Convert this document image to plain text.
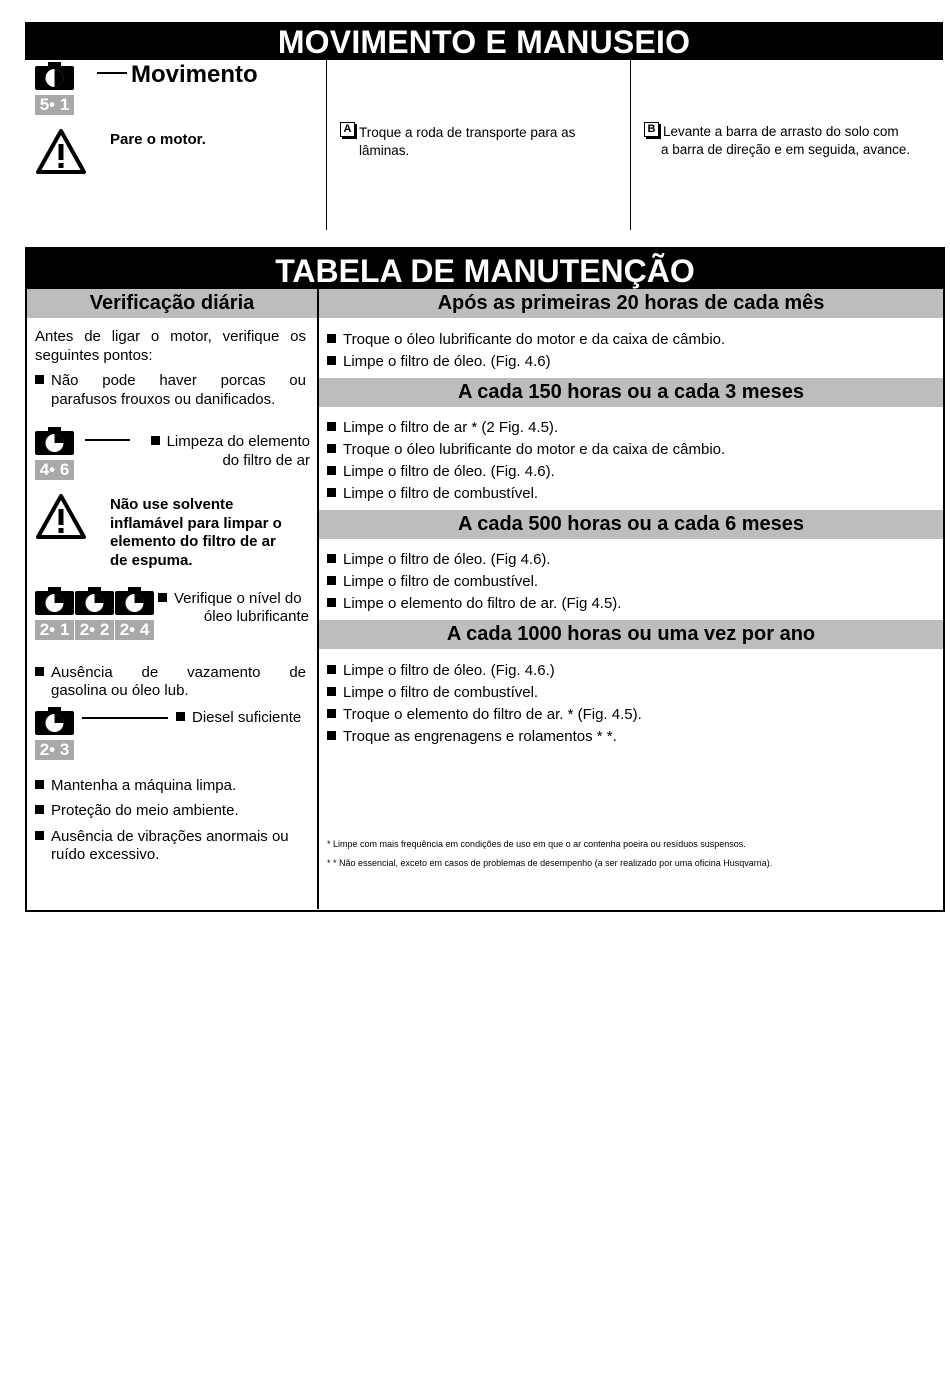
MOVIMENTO E MANUSEIO
5• 1
Movimento
Pare o motor.
A Troque a roda de transporte para as
lâminas.
B Levante a barra de arrasto do solo com
a barra de direção e em seguida, avance.
TABELA DE MANUTENÇÃO
Verificação diária
Antes de ligar o motor, verifique os
seguintes pontos:
Não pode haver porcas ou
parafusos frouxos ou danificados.
4• 6
Limpeza do elemento
do filtro de ar
Não use solvente
inflamável para limpar o
elemento do filtro de ar
de espuma.
2• 1 2• 2 2• 4
Verifique o nível do
óleo lubrificante
Ausência de vazamento de
gasolina ou óleo lub.
2• 3
Diesel suficiente
Mantenha a máquina limpa.
Proteção do meio ambiente.
Ausência de vibrações anormais ou
ruído excessivo.
Após as primeiras 20 horas de cada mês
Troque o óleo lubrificante do motor e da caixa de câmbio.
Limpe o filtro de óleo. (Fig. 4.6)
A cada 150 horas ou a cada 3 meses
Limpe o filtro de ar * (2 Fig. 4.5).
Troque o óleo lubrificante do motor e da caixa de câmbio.
Limpe o filtro de óleo. (Fig. 4.6).
Limpe o filtro de combustível.
A cada 500 horas ou a cada 6 meses
Limpe o filtro de óleo. (Fig 4.6).
Limpe o filtro de combustível.
Limpe o elemento do filtro de ar. (Fig 4.5).
A cada 1000 horas ou uma vez por ano
Limpe o filtro de óleo. (Fig. 4.6.)
Limpe o filtro de combustível.
Troque o elemento do filtro de ar. * (Fig. 4.5).
Troque as engrenagens e rolamentos * *.
* Limpe com mais frequência em condições de uso em que o ar contenha poeira ou resíduos suspensos.
* * Não essencial, exceto em casos de problemas de desempenho (a ser realizado por uma oficina Husqvarna).
